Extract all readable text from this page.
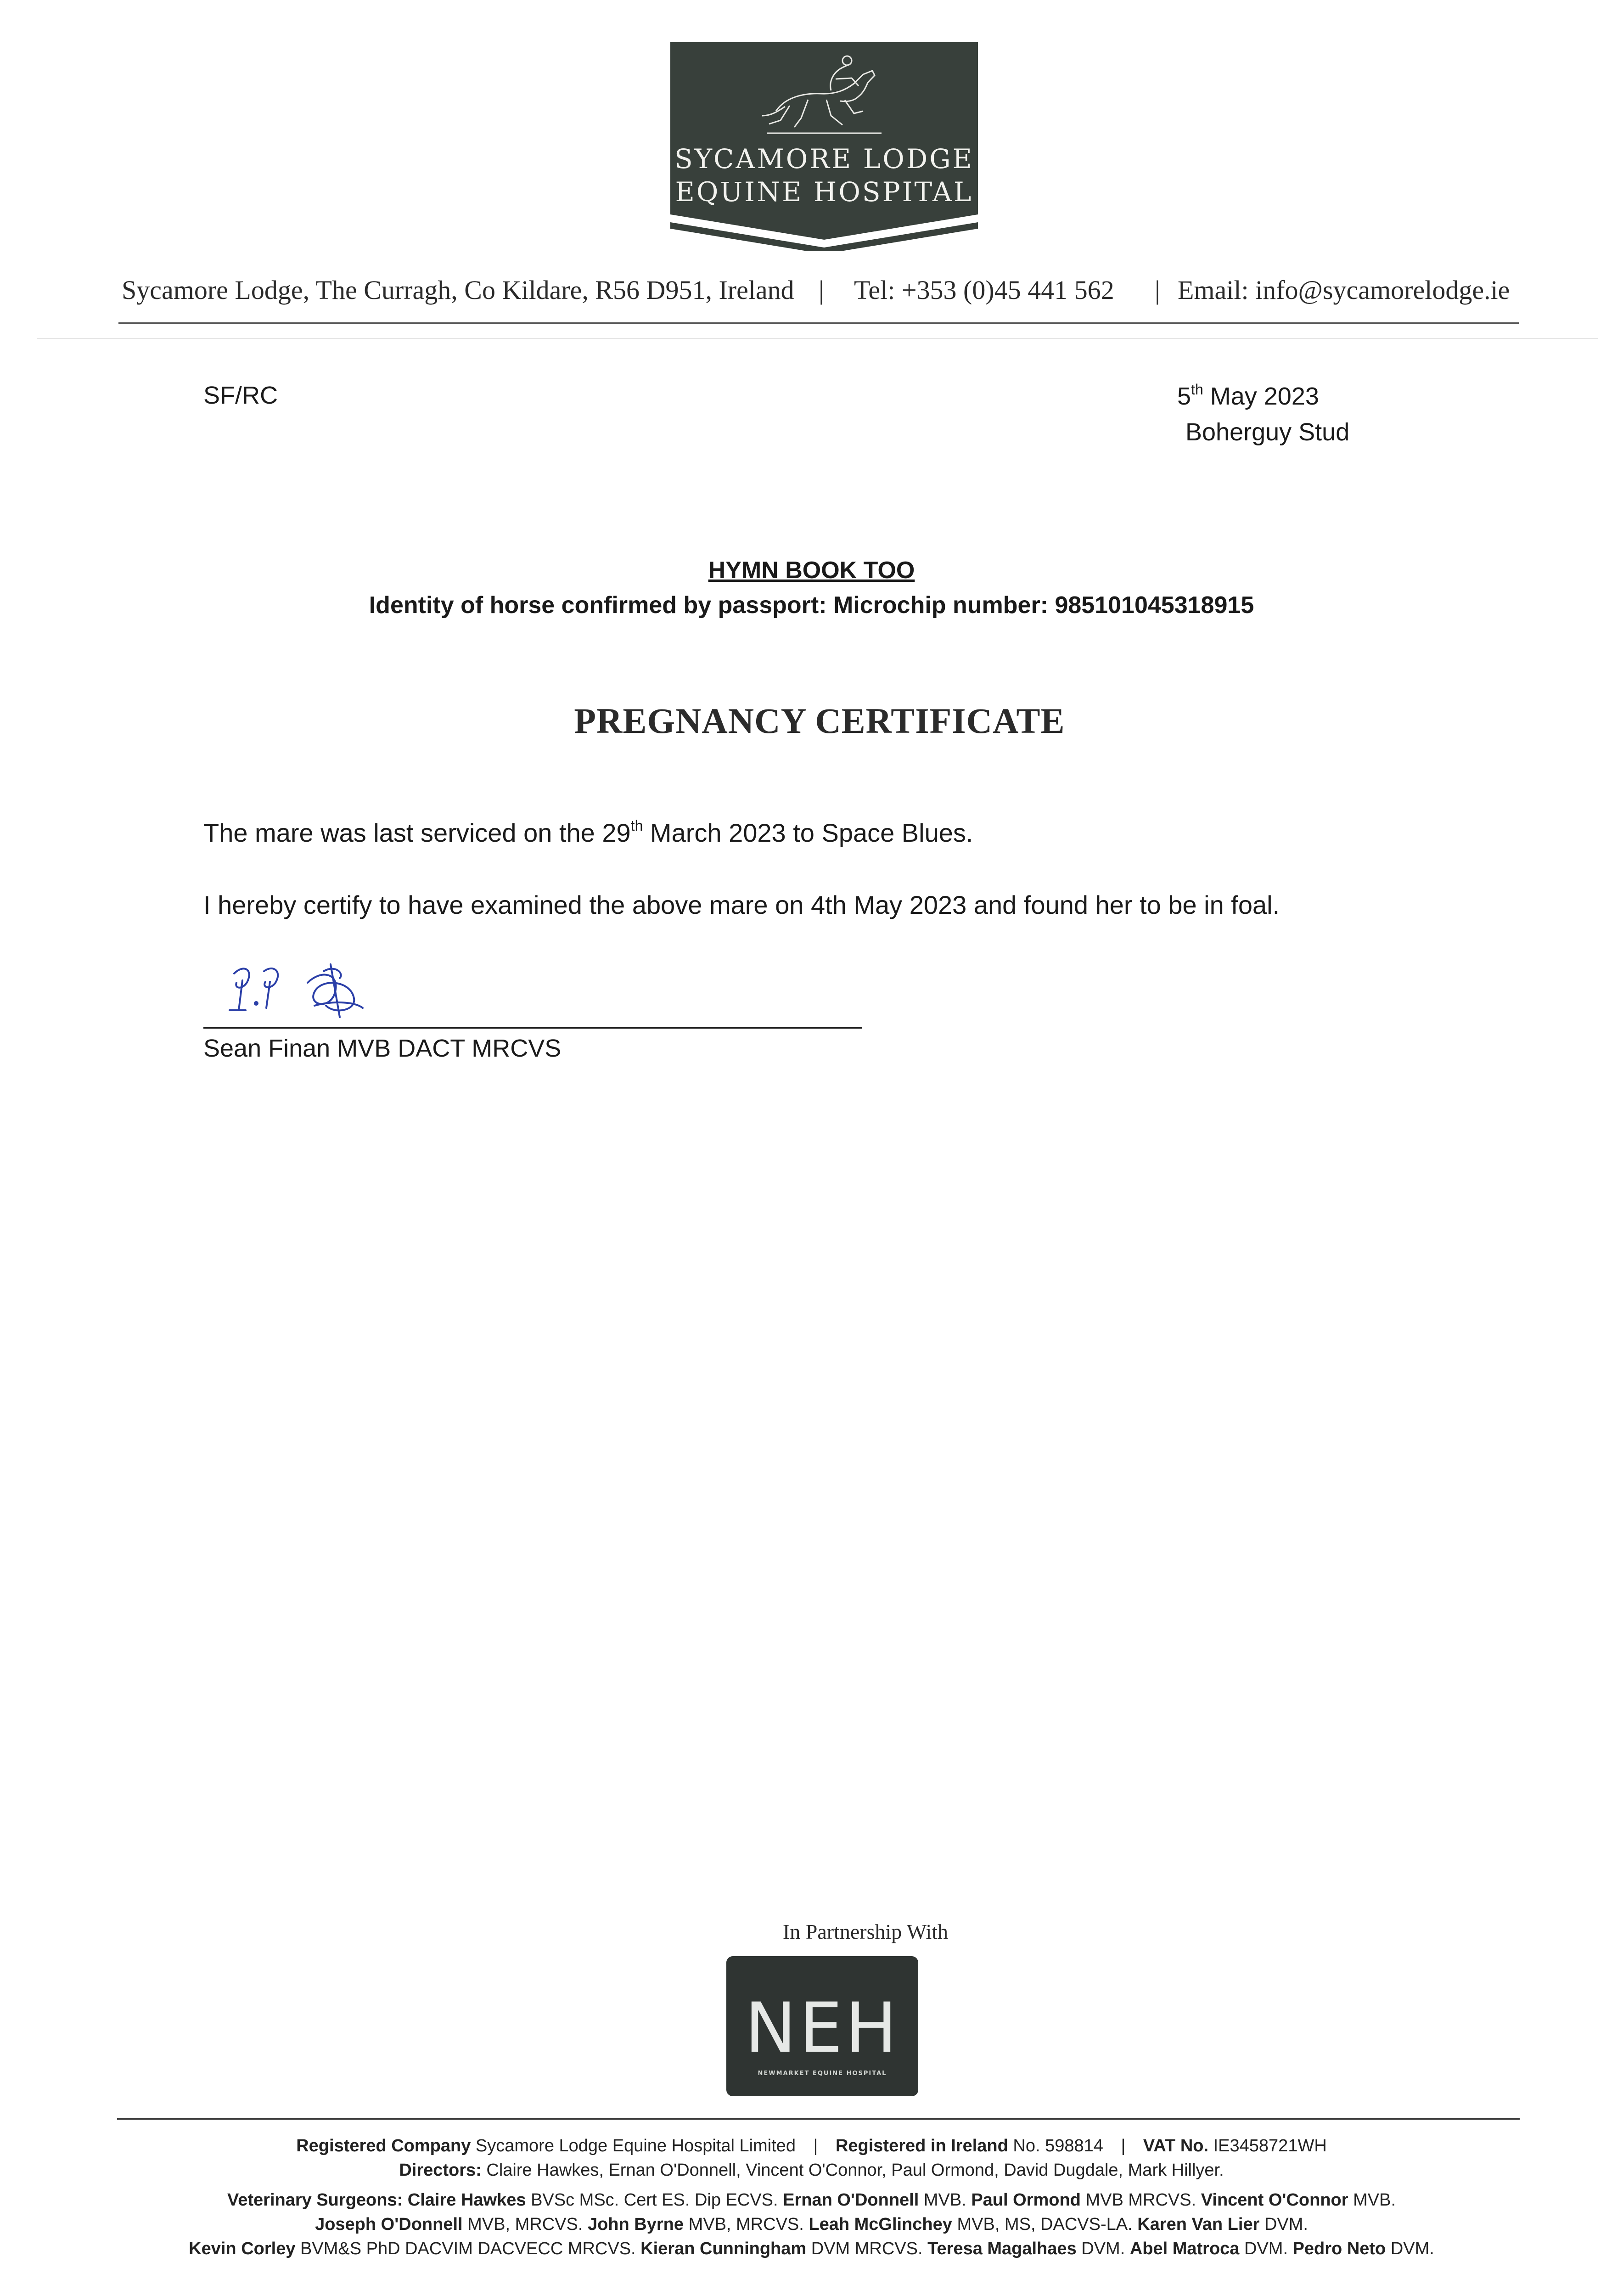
SYCAMORE LODGE
EQUINE HOSPITAL
Sycamore Lodge, The Curragh, Co Kildare, R56 D951, Ireland | Tel: +353 (0)45 441 562 | Email: info@sycamorelodge.ie
SF/RC	5th May 2023
Boherguy Stud
HYMN BOOK TOO
Identity of horse confirmed by passport: Microchip number: 985101045318915
PREGNANCY CERTIFICATE
The mare was last serviced on the 29th March 2023 to Space Blues.
I hereby certify to have examined the above mare on 4th May 2023 and found her to be in foal.
Sean Finan MVB DACT MRCVS
In Partnership With
NEH
NEWMARKET EQUINE HOSPITAL
Registered Company Sycamore Lodge Equine Hospital Limited | Registered in Ireland No. 598814 | VAT No. IE3458721WH
Directors: Claire Hawkes, Ernan O'Donnell, Vincent O'Connor, Paul Ormond, David Dugdale, Mark Hillyer.
Veterinary Surgeons: Claire Hawkes BVSc MSc. Cert ES. Dip ECVS. Ernan O'Donnell MVB. Paul Ormond MVB MRCVS. Vincent O'Connor MVB.
Joseph O'Donnell MVB, MRCVS. John Byrne MVB, MRCVS. Leah McGlinchey MVB, MS, DACVS-LA. Karen Van Lier DVM.
Kevin Corley BVM&S PhD DACVIM DACVECC MRCVS. Kieran Cunningham DVM MRCVS. Teresa Magalhaes DVM. Abel Matroca DVM. Pedro Neto DVM.
